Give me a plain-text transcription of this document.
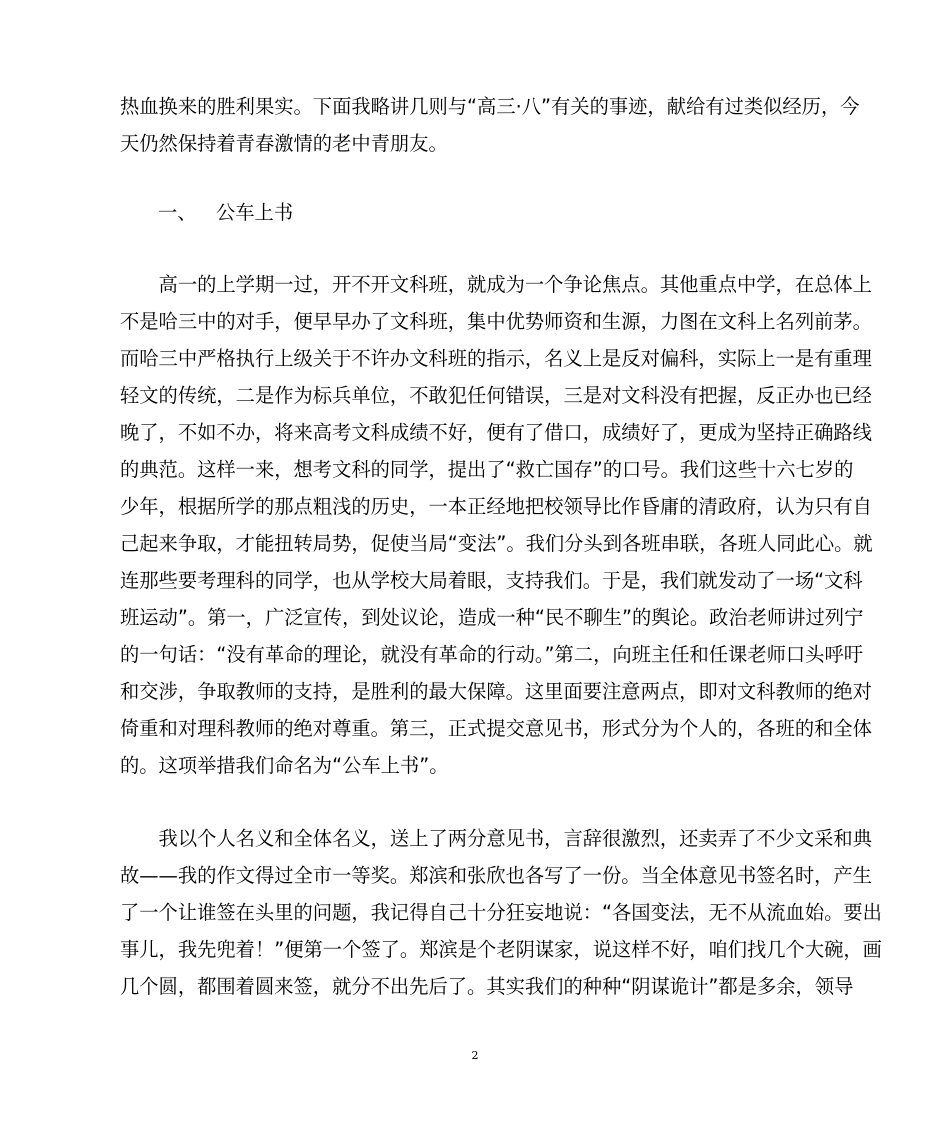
热血换来的胜利果实。下面我略讲几则与“高三·八”有关的事迹，献给有过类似经历，今
天仍然保持着青春激情的老中青朋友。
一、 公车上书
　　高一的上学期一过，开不开文科班，就成为一个争论焦点。其他重点中学，在总体上
不是哈三中的对手，便早早办了文科班，集中优势师资和生源，力图在文科上名列前茅。
而哈三中严格执行上级关于不许办文科班的指示，名义上是反对偏科，实际上一是有重理
轻文的传统，二是作为标兵单位，不敢犯任何错误，三是对文科没有把握，反正办也已经
晚了，不如不办，将来高考文科成绩不好，便有了借口，成绩好了，更成为坚持正确路线
的典范。这样一来，想考文科的同学，提出了“救亡国存”的口号。我们这些十六七岁的
少年，根据所学的那点粗浅的历史，一本正经地把校领导比作昏庸的清政府，认为只有自
己起来争取，才能扭转局势，促使当局“变法”。我们分头到各班串联，各班人同此心。就
连那些要考理科的同学，也从学校大局着眼，支持我们。于是，我们就发动了一场“文科
班运动”。第一，广泛宣传，到处议论，造成一种“民不聊生”的舆论。政治老师讲过列宁
的一句话：“没有革命的理论，就没有革命的行动。”第二，向班主任和任课老师口头呼吁
和交涉，争取教师的支持，是胜利的最大保障。这里面要注意两点，即对文科教师的绝对
倚重和对理科教师的绝对尊重。第三，正式提交意见书，形式分为个人的，各班的和全体
的。这项举措我们命名为“公车上书”。
　　我以个人名义和全体名义，送上了两分意见书，言辞很激烈，还卖弄了不少文采和典
故——我的作文得过全市一等奖。郑滨和张欣也各写了一份。当全体意见书签名时，产生
了一个让谁签在头里的问题，我记得自己十分狂妄地说：“各国变法，无不从流血始。要出
事儿，我先兜着！”便第一个签了。郑滨是个老阴谋家，说这样不好，咱们找几个大碗，画
几个圆，都围着圆来签，就分不出先后了。其实我们的种种“阴谋诡计”都是多余，领导
2
